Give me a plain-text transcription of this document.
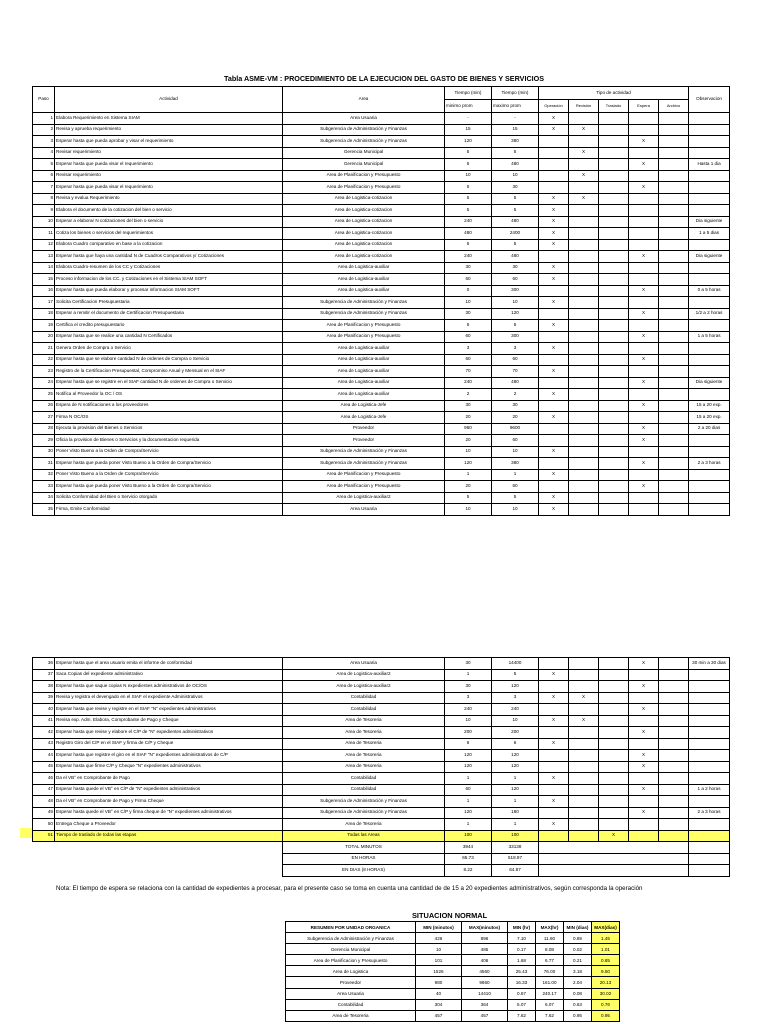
Tabla ASME-VM : PROCEDIMIENTO DE LA EJECUCION DEL GASTO DE BIENES Y SERVICIOS
Paso	Actividad	Area	Tiempo (min)	Tiempo (min)	Tipo de actividad					Observacion
			minimo prom	maximo prom	Operación	Revisión	Traslado	Espera	Archivo	
1	Elabora Requerimiento en Sistema SIAM	Area Usuaria	-	-	X					
2	Revisa y aprueba requerimiento	Subgerencia de Administración y Finanzas	15	15	X	X				
3	Esperar hasta que pueda aprobar y visar el requerimiento	Subgerencia de Administración y Finanzas	120	380				X		
4	Revisar requerimiento	Gerencia Municipal	5	5		X				
5	Esperar hasta que pueda visar el requerimiento	Gerencia Municipal	5	480				X		Hasta 1 dia
6	Revisar requerimiento	Area de Planificacion y Presupuesto	10	10		X				
7	Esperar hasta que pueda visar el requerimiento	Area de Planificacion y Presupuesto	5	30				X		
8	Revisa y evalua Requerimiento	Area de Logistica-cotizacion	5	5	X	X				
9	Elabora el documento de la cotizacion del bien o servicio	Area de Logistica-cotizacion	5	5	X					
10	Esperar a elaborar N cotizaciones del bien o servicio	Area de Logistica-cotizacion	240	480	X					Dia siguiente
11	Cotiza los bienes o servicios del requerimientos	Area de Logistica-cotizacion	480	2400	X					1 a 5 dias
12	Elabora Cuadro comparativo en base a la cotizacion	Area de Logistica-cotizacion	5	5	X					
13	Esperar hasta que haya una cantidad N de Cuadros Comparativos y/ Cotizaciones	Area de Logistica-cotizacion	240	480				X		Dia siguiente
14	Elabora Cuadro-resumen de los CC y Cotizaciones	Area de Logistica-auxiliar	30	30	X					
15	Proceso informacion de los CC. y Cotizaciones en el Sistema SIAM SOFT	Area de Logistica-auxiliar	60	60	X					
16	Esperar hasta que pueda elaborar y procesar informacion SIAM SOFT	Area de Logistica-auxiliar	0	300				X		0 a 5 horas
17	Solicita Certificacion Presupuestaria	Subgerencia de Administración y Finanzas	10	10	X					
18	Esperar a remitir el documento de Certificacion Presupuestaria	Subgerencia de Administración y Finanzas	30	120				X		1/2 a 2 horas
19	Certifica el credito presupuestario	Area de Planificacion y Presupuesto	5	5	X					
20	Esperar hasta que se realice una cantidad N Certificados	Area de Planificacion y Presupuesto	60	300				X		1 a 5 horas
21	Genera Orden de Compra o Servicio	Area de Logistica-auxiliar	3	3	X					
22	Esperar hasta que se elabore cantidad N de ordenes de Compra o Servicio	Area de Logistica-auxiliar	60	60				X		
23	Registro de la Certificacion Presupuestal, Compromiso Anual y Mensual en el SIAF	Area de Logistica-auxiliar	70	70	X					
24	Esperar hasta que se registre en el SIAF cantidad N de ordenes de Compra o Servicio	Area de Logistica-auxiliar	240	480				X		Dia siguiente
25	Notifica al Proveedor la OC / OS	Area de Logistica-auxiliar	2	2	X					
26	Espera de N notificaciones a los proveedores	Area de Logistica-Jefe	30	30				X		15 a 20 exp.
27	Firma N OC/OS	Area de Logistica-Jefe	20	20	X					15 a 20 exp.
28	Ejecuta la provision del Bienes o Servicios	Proveedor	960	9600				X		2 a 20 dias
29	Oficia la provision de Bienes o Servicios y la documentacion requerida	Proveedor	20	60				X		
30	Poner Visto Bueno a la Orden de Compra/Servicio	Subgerencia de Administración y Finanzas	10	10	X					
31	Esperar hasta que pueda poner Visto Bueno a la Orden de Compra/Servicio	Subgerencia de Administración y Finanzas	120	380				X		2 a 3 horas
32	Poner Visto Bueno a la Orden de Compra/Servicio	Area de Planificacion y Presupuesto	1	1	X					
33	Esperar hasta que pueda poner Visto Bueno a la Orden de Compra/Servicio	Area de Planificacion y Presupuesto	20	60				X		
34	Solicita Conformidad del Bien o Servicio otorgado	Area de Logistica-auxiliar2	5	5	X					
35	Firma, Emite Conformidad	Area Usuaria	10	10	X					
36	Esperar hasta que el area usuario emita el informe de conformidad	Area Usuaria	30	14400				X		30 min a 30 dias
37	Saca Copias del expediente administrativo	Area de Logistica-auxiliar2	1	5	X					
38	Esperar hasta que saque copias N expedientes administrativos de OC/OS	Area de Logistica-auxiliar2	30	120				X		
39	Revisa y registra el devengado en el SIAF el expediente Administrativos	Contabilidad	3	3	X	X				
40	Esperar hasta que revise y registre en el SIAF "N" expedientes administrativos	Contabilidad	240	240				X		
41	Revisa exp. Adm. Elabora, Comprobante de Pago y Cheque	Area de Tesoreria	10	10	X	X				
42	Esperar hasta que revise y elabore el C/P de "N" expedientes administrativos	Area de Tesoreria	200	200				X		
43	Registro Giro del C/P en el SIAF y firma de C/P y Cheque	Area de Tesoreria	6	6	X					
44	Esperar hasta que registre el giro en el SIAF "N" expedientes administrativos de C/P	Area de Tesoreria	120	120				X		
45	Esperar hasta que firme C/P y Cheque "N" expedientes administrativos	Area de Tesoreria	120	120				X		
46	Da el VB° en Comprobante de Pago	Contabilidad	1	1	X					
47	Esperar hasta quede el VB° en C/P de "N" expedientes administrativos	Contabilidad	60	120				X		1 a 2 horas
48	Da el VB° en Comprobante de Pago y Firma Cheque	Subgerencia de Administración y Finanzas	1	1	X					
49	Esperar hasta quede el VB° en C/P y firma cheque de "N" expedientes administrativos	Subgerencia de Administración y Finanzas	120	180				X		2 a 3 horas
50	Entrega Cheque a Proveedor	Area de Tesoreria	1	1	X					
51	Tiempo de traslado de todas las etapas	Todas las Areas	100	100			X			
		TOTAL MINUTOS	3944	33138						
		EN HORAS	65.73	518.97						
		EN DIAS (8 HORAS)	8.22	64.87						
Nota: El tiempo de espera se relaciona con la cantidad de expedientes a procesar, para el presente caso se toma en cuenta una cantidad de de 15 a 20 expedientes administrativos, según corresponda la operación
SITUACION NORMAL
RESUMEN POR UNIDAD ORGANICA	MIN (minutos)	MAX(minutos)	MIN (hr)	MAX(hr)	MIN (dias)	MAX(dias)
Subgerencia de Administración y Finanzas	426	896	7.10	11.60	0.89	1.45
Gerencia Municipal	10	485	0.17	8.08	0.02	1.01
Area de Planificacion y Presupuesto	101	406	1.68	6.77	0.21	0.85
Area de Logistica	1526	4560	25.43	76.00	3.18	9.50
Proveedor	980	9660	16.33	161.00	2.04	20.13
Area Usuaria	40	14410	0.67	240.17	0.08	30.02
Contabilidad	304	364	5.07	6.07	0.63	0.76
Area de Tesoreria	457	457	7.62	7.62	0.95	0.95
